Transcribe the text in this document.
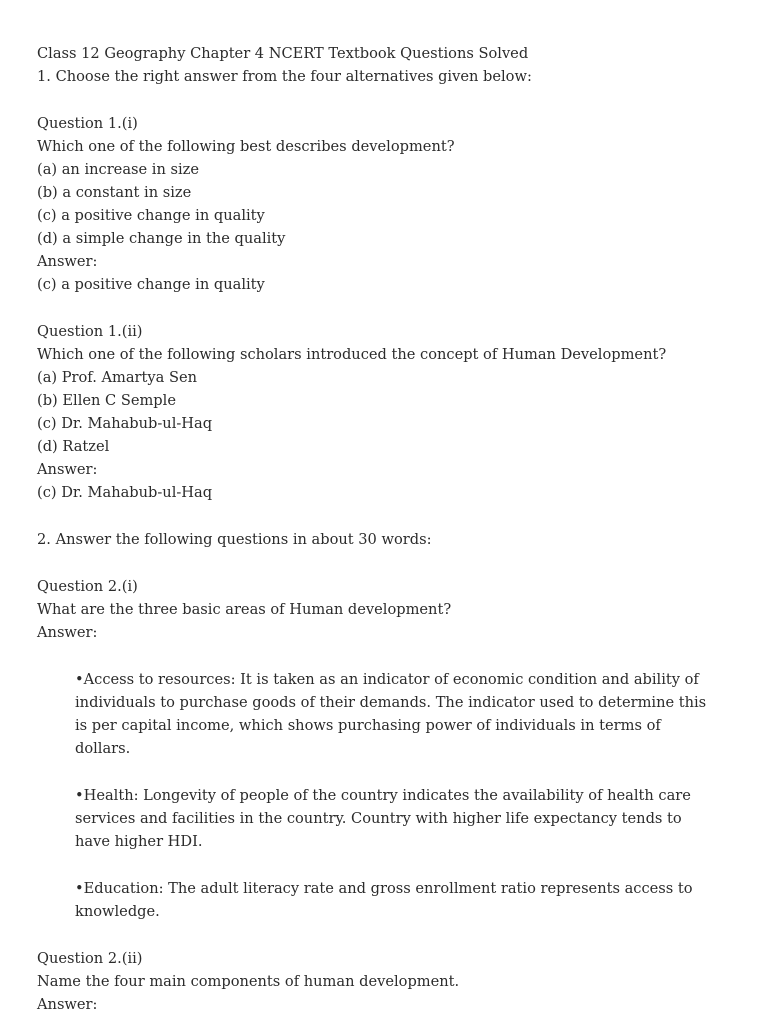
Class 12 Geography Chapter 4 NCERT Textbook Questions Solved
1. Choose the right answer from the four alternatives given below:
Question 1.(i)
Which one of the following best describes development?
(a) an increase in size
(b) a constant in size
(c) a positive change in quality
(d) a simple change in the quality
Answer:
(c) a positive change in quality
Question 1.(ii)
Which one of the following scholars introduced the concept of Human Development?
(a) Prof. Amartya Sen
(b) Ellen C Semple
(c) Dr. Mahabub-ul-Haq
(d) Ratzel
Answer:
(c) Dr. Mahabub-ul-Haq
2. Answer the following questions in about 30 words:
Question 2.(i)
What are the three basic areas of Human development?
Answer:
•Access to resources: It is taken as an indicator of economic condition and ability of individuals to purchase goods of their demands. The indicator used to determine this is per capital income, which shows purchasing power of individuals in terms of dollars.
•Health: Longevity of people of the country indicates the availability of health care services and facilities in the country. Country with higher life expectancy tends to have higher HDI.
•Education: The adult literacy rate and gross enrollment ratio represents access to knowledge.
Question 2.(ii)
Name the four main components of human development.
Answer:
